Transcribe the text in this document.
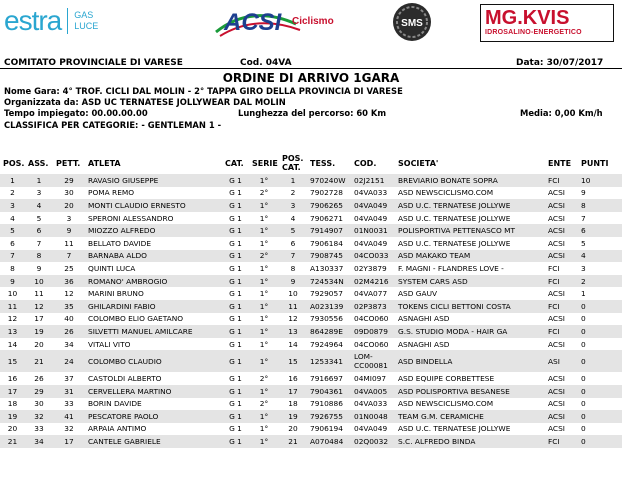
estra GAS
LUCE	ACSI Ciclismo	SMS	MG.KVIS
IDROSALINO-ENERGETICO
COMITATO PROVINCIALE DI VARESE	Cod. 04VA	Data: 30/07/2017
ORDINE DI ARRIVO 1GARA
Nome Gara: 4° TROF. CICLI DAL MOLIN - 2° TAPPA GIRO DELLA PROVINCIA DI VARESE
Organizzata da: ASD UC TERNATESE JOLLYWEAR DAL MOLIN
Tempo impiegato: 00.00.00.00	Lunghezza del percorso: 60 Km	Media: 0,00 Km/h
CLASSIFICA PER CATEGORIE: - GENTLEMAN 1 -
POS.	ASS.	PETT.	ATLETA	CAT.	SERIE	POS. CAT.	TESS.	COD.	SOCIETA'	ENTE	PUNTI
1	1	29	RAVASIO GIUSEPPE	G 1	1°	1	970240W	02J2151	BREVIARIO BONATE SOPRA	FCI	10
2	3	30	POMA REMO	G 1	2°	2	7902728	04VA033	ASD NEWSCICLISMO.COM	ACSI	9
3	4	20	MONTI CLAUDIO ERNESTO	G 1	1°	3	7906265	04VA049	ASD U.C. TERNATESE JOLLYWE	ACSI	8
4	5	3	SPERONI ALESSANDRO	G 1	1°	4	7906271	04VA049	ASD U.C. TERNATESE JOLLYWE	ACSI	7
5	6	9	MIOZZO ALFREDO	G 1	1°	5	7914907	01N0031	POLISPORTIVA PETTENASCO MT	ACSI	6
6	7	11	BELLATO DAVIDE	G 1	1°	6	7906184	04VA049	ASD U.C. TERNATESE JOLLYWE	ACSI	5
7	8	7	BARNABA ALDO	G 1	2°	7	7908745	04CO033	ASD MAKAKO TEAM	ACSI	4
8	9	25	QUINTI LUCA	G 1	1°	8	A130337	02Y3879	F. MAGNI - FLANDRES LOVE -	FCI	3
9	10	36	ROMANO' AMBROGIO	G 1	1°	9	724534N	02M4216	SYSTEM CARS ASD	FCI	2
10	11	12	MARINI BRUNO	G 1	1°	10	7929057	04VA077	ASD GAUV	ACSI	1
11	12	35	GHILARDINI FABIO	G 1	1°	11	A023139	02P3873	TOKENS CICLI BETTONI COSTA	FCI	0
12	17	40	COLOMBO ELIO GAETANO	G 1	1°	12	7930556	04CO060	ASNAGHI ASD	ACSI	0
13	19	26	SILVETTI MANUEL AMILCARE	G 1	1°	13	864289E	09D0879	G.S. STUDIO MODA - HAIR GA	FCI	0
14	20	34	VITALI VITO	G 1	1°	14	7924964	04CO060	ASNAGHI ASD	ACSI	0
15	21	24	COLOMBO CLAUDIO	G 1	1°	15	1253341	LOM-CC00081	ASD BINDELLA	ASI	0
16	26	37	CASTOLDI ALBERTO	G 1	2°	16	7916697	04MI097	ASD EQUIPE CORBETTESE	ACSI	0
17	29	31	CERVELLERA MARTINO	G 1	1°	17	7904361	04VA005	ASD POLISPORTIVA BESANESE	ACSI	0
18	30	33	BORIN DAVIDE	G 1	2°	18	7910886	04VA033	ASD NEWSCICLISMO.COM	ACSI	0
19	32	41	PESCATORE PAOLO	G 1	1°	19	7926755	01N0048	TEAM G.M. CERAMICHE	ACSI	0
20	33	32	ARPAIA ANTIMO	G 1	1°	20	7906194	04VA049	ASD U.C. TERNATESE JOLLYWE	ACSI	0
21	34	17	CANTELE GABRIELE	G 1	1°	21	A070484	02Q0032	S.C. ALFREDO BINDA	FCI	0
